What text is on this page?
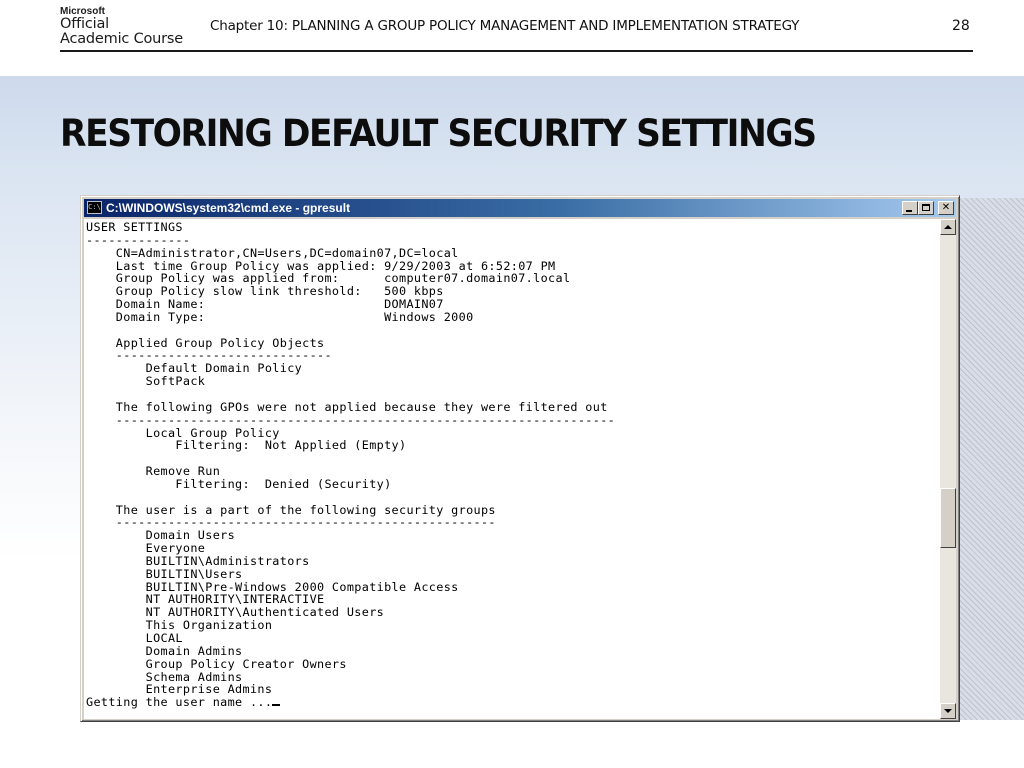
Microsoft
Official
Academic Course
Chapter 10: PLANNING A GROUP POLICY MANAGEMENT AND IMPLEMENTATION STRATEGY	28
RESTORING DEFAULT SECURITY SETTINGS
C:\ C:\WINDOWS\system32\cmd.exe - gpresult	✕
USER SETTINGS
--------------
CN=Administrator,CN=Users,DC=domain07,DC=local
Last time Group Policy was applied: 9/29/2003 at 6:52:07 PM
Group Policy was applied from:      computer07.domain07.local
Group Policy slow link threshold:   500 kbps
Domain Name:                        DOMAIN07
Domain Type:                        Windows 2000

Applied Group Policy Objects
-----------------------------
Default Domain Policy
SoftPack

The following GPOs were not applied because they were filtered out
-------------------------------------------------------------------
Local Group Policy
Filtering:  Not Applied (Empty)

Remove Run
Filtering:  Denied (Security)

The user is a part of the following security groups
---------------------------------------------------
Domain Users
Everyone
BUILTIN\Administrators
BUILTIN\Users
BUILTIN\Pre-Windows 2000 Compatible Access
NT AUTHORITY\INTERACTIVE
NT AUTHORITY\Authenticated Users
This Organization
LOCAL
Domain Admins
Group Policy Creator Owners
Schema Admins
Enterprise Admins
Getting the user name ...
